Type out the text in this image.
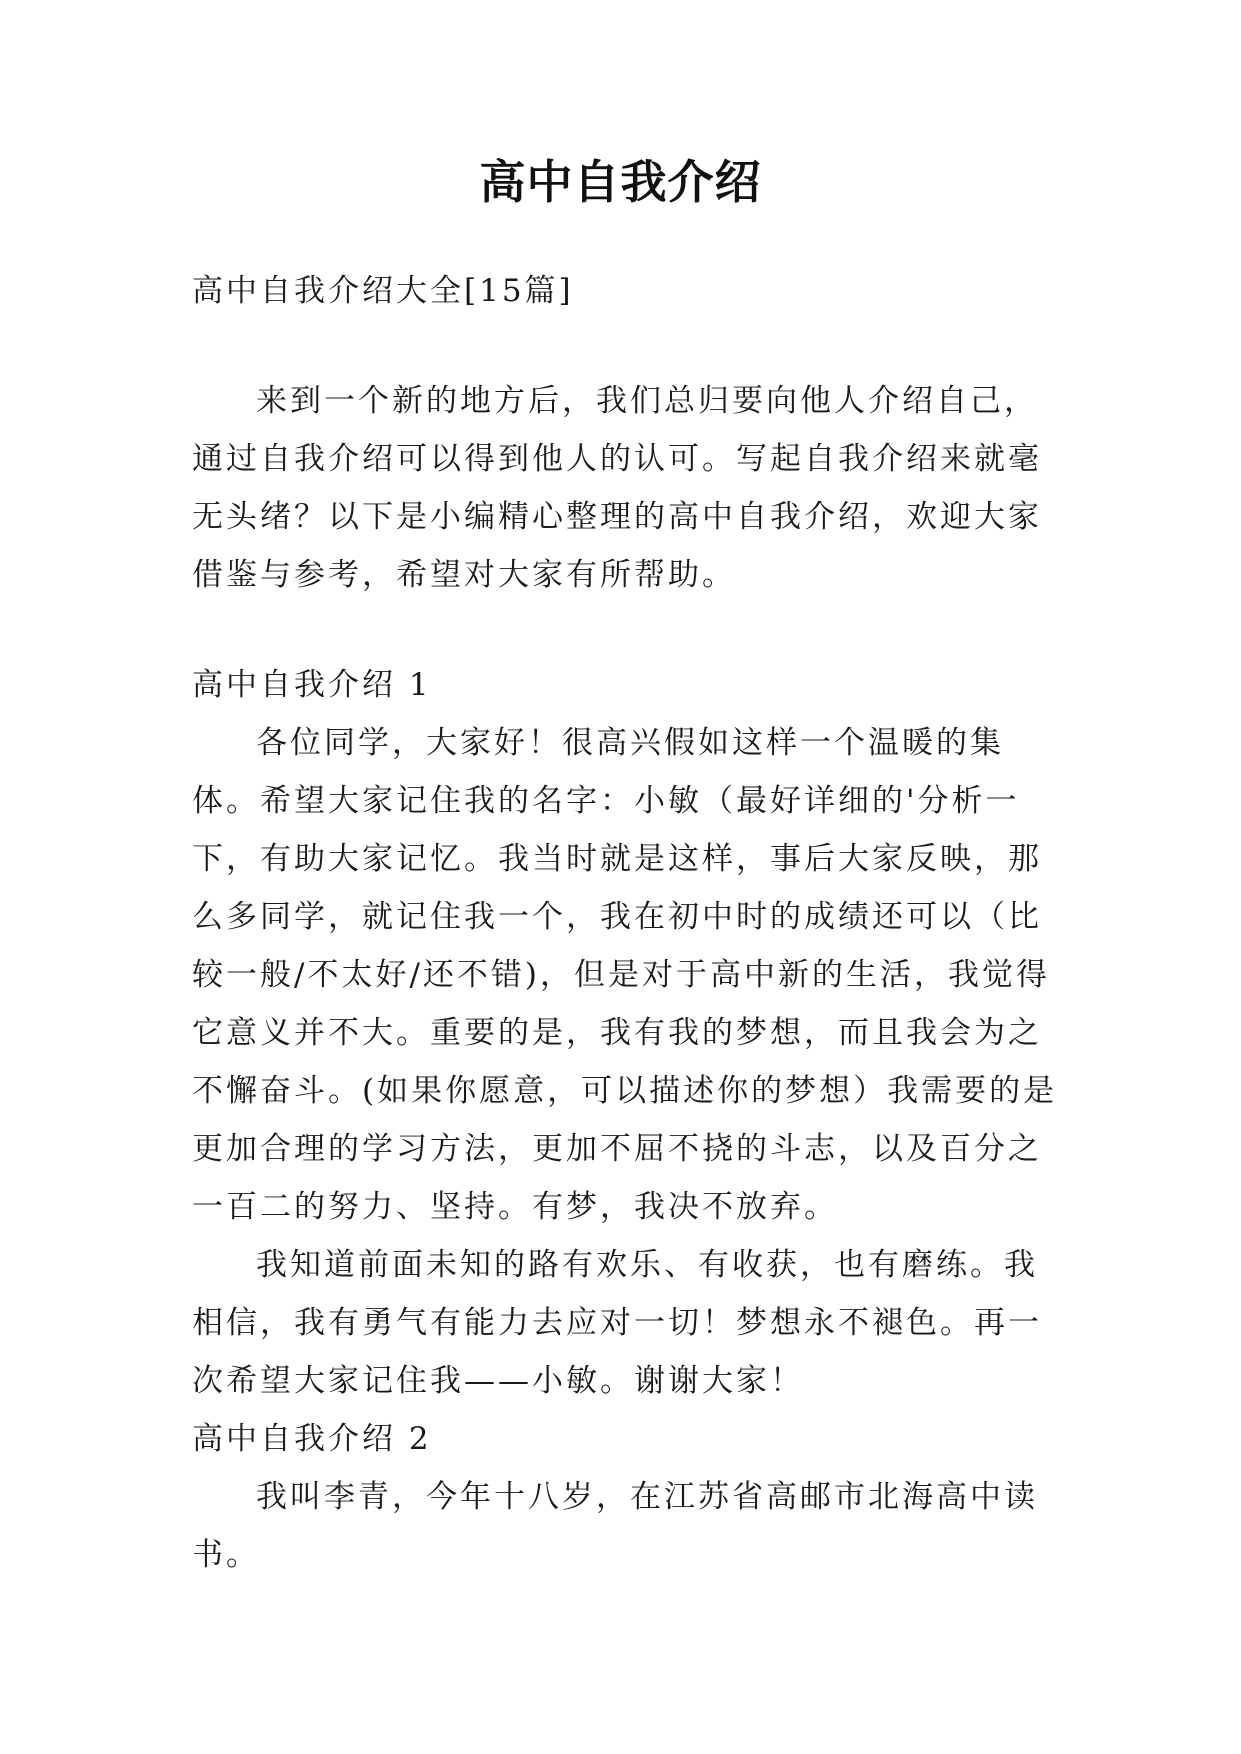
高中自我介绍

高中自我介绍大全[15篇]

来到一个新的地方后，我们总归要向他人介绍自己，通过自我介绍可以得到他人的认可。写起自我介绍来就毫无头绪？以下是小编精心整理的高中自我介绍，欢迎大家借鉴与参考，希望对大家有所帮助。

高中自我介绍 1

各位同学，大家好！很高兴假如这样一个温暖的集体。希望大家记住我的名字：小敏（最好详细的'分析一下，有助大家记忆。我当时就是这样，事后大家反映，那么多同学，就记住我一个，我在初中时的成绩还可以（比较一般/不太好/还不错)，但是对于高中新的生活，我觉得它意义并不大。重要的是，我有我的梦想，而且我会为之不懈奋斗。(如果你愿意，可以描述你的梦想）我需要的是更加合理的学习方法，更加不屈不挠的斗志，以及百分之一百二的努力、坚持。有梦，我决不放弃。

我知道前面未知的路有欢乐、有收获，也有磨练。我相信，我有勇气有能力去应对一切！梦想永不褪色。再一次希望大家记住我——小敏。谢谢大家！

高中自我介绍 2

我叫李青，今年十八岁，在江苏省高邮市北海高中读书。
